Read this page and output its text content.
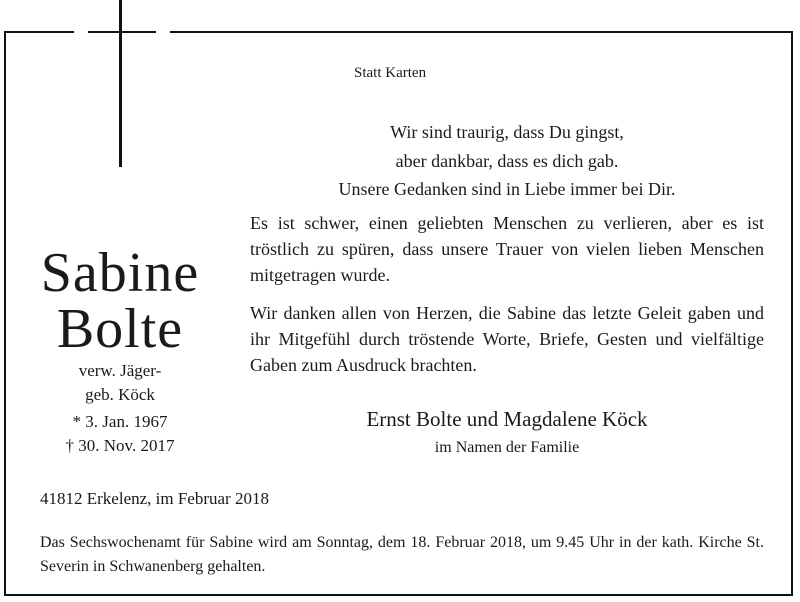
Statt Karten
Wir sind traurig, dass Du gingst,
aber dankbar, dass es dich gab.
Unsere Gedanken sind in Liebe immer bei Dir.
Es ist schwer, einen geliebten Menschen zu verlieren, aber es ist tröstlich zu spüren, dass unsere Trauer von vielen lieben Menschen mitgetragen wurde.
Wir danken allen von Herzen, die Sabine das letzte Geleit gaben und ihr Mitgefühl durch tröstende Worte, Briefe, Gesten und vielfältige Gaben zum Ausdruck brachten.
Sabine
Bolte
verw. Jäger-
geb. Köck
* 3. Jan. 1967
† 30. Nov. 2017
Ernst Bolte und Magdalene Köck
im Namen der Familie
41812 Erkelenz, im Februar 2018
Das Sechswochenamt für Sabine wird am Sonntag, dem 18. Februar 2018, um 9.45 Uhr in der kath. Kirche St. Severin in Schwanenberg gehalten.
